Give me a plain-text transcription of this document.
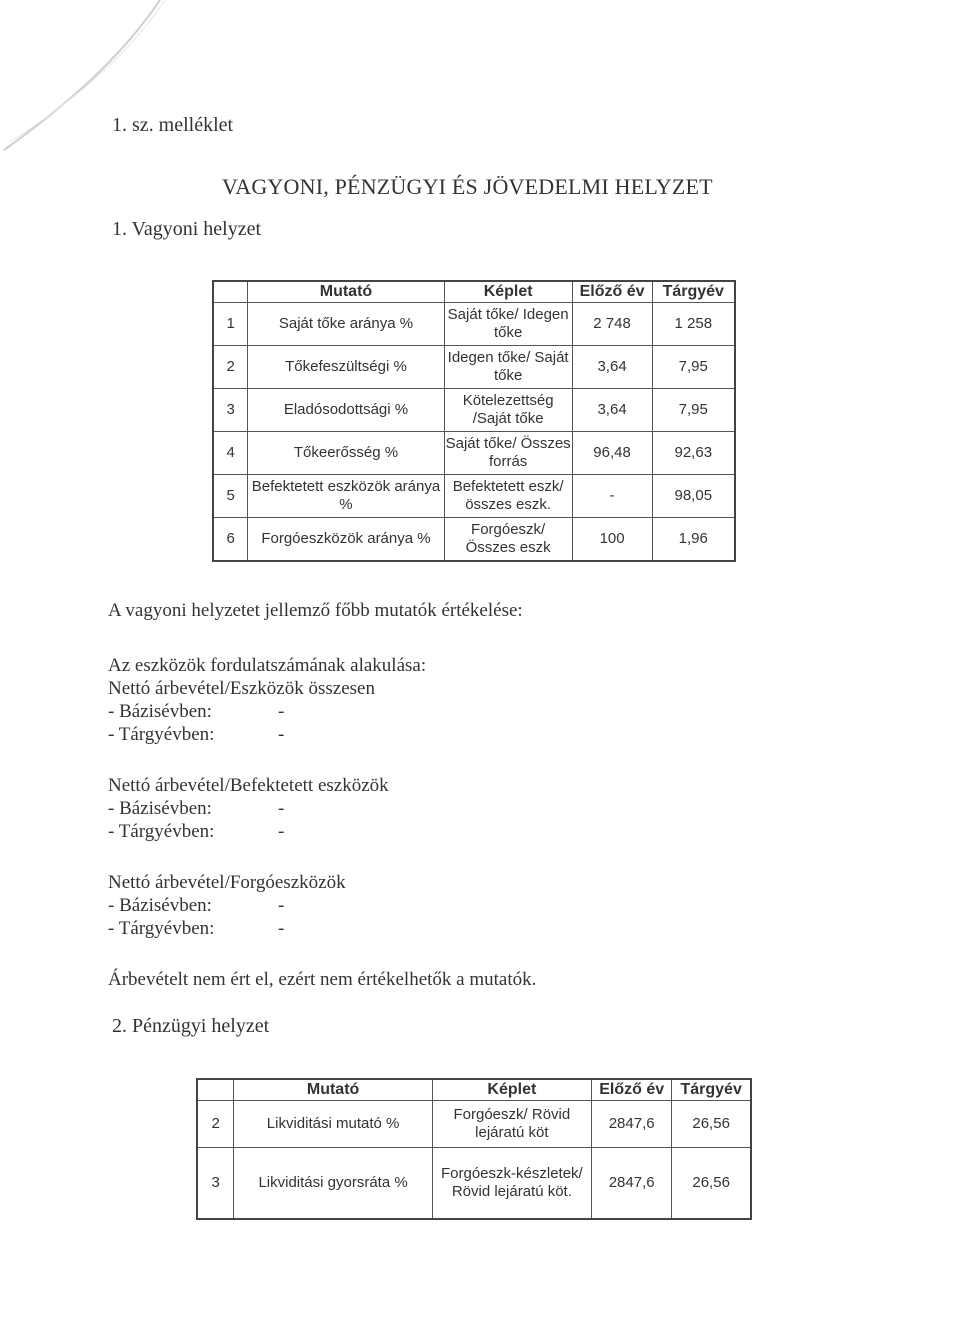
1. sz. melléklet
VAGYONI, PÉNZÜGYI ÉS JÖVEDELMI HELYZET
1. Vagyoni helyzet
	Mutató	Képlet	Előző év	Tárgyév
1	Saját tőke aránya %	Saját tőke/ Idegen tőke	2 748	1 258
2	Tőkefeszültségi %	Idegen tőke/ Saját tőke	3,64	7,95
3	Eladósodottsági %	Kötelezettség /Saját tőke	3,64	7,95
4	Tőkeerősség %	Saját tőke/ Összes forrás	96,48	92,63
5	Befektetett eszközök aránya %	Befektetett eszk/ összes eszk.	-	98,05
6	Forgóeszközök aránya %	Forgóeszk/ Összes eszk	100	1,96
A vagyoni helyzetet jellemző főbb mutatók értékelése:
Az eszközök fordulatszámának alakulása:
Nettó árbevétel/Eszközök összesen
- Bázisévben:	-
- Tárgyévben:	-
Nettó árbevétel/Befektetett eszközök
- Bázisévben:	-
- Tárgyévben:	-
Nettó árbevétel/Forgóeszközök
- Bázisévben:	-
- Tárgyévben:	-
Árbevételt nem ért el, ezért nem értékelhetők a mutatók.
2. Pénzügyi helyzet
	Mutató	Képlet	Előző év	Tárgyév
2	Likviditási mutató %	Forgóeszk/ Rövid lejáratú köt	2847,6	26,56
3	Likviditási gyorsráta %	Forgóeszk-készletek/ Rövid lejáratú köt.	2847,6	26,56
